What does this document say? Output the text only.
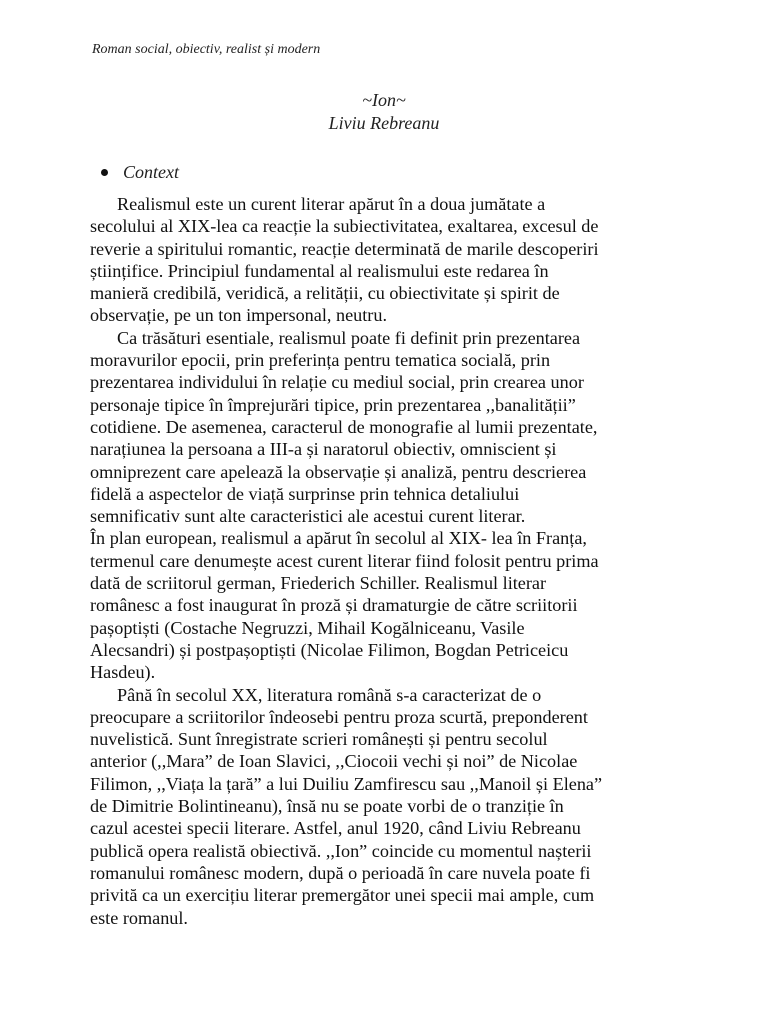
Roman social, obiectiv, realist și modern
~Ion~
Liviu Rebreanu
Context
Realismul este un curent literar apărut în a doua jumătate a
secolului al XIX-lea ca reacție la subiectivitatea, exaltarea, excesul de
reverie a spiritului romantic, reacție determinată de marile descoperiri
științifice. Principiul fundamental al realismului este redarea în
manieră credibilă, veridică, a relității, cu obiectivitate și spirit de
observație, pe un ton impersonal, neutru.
Ca trăsături esentiale, realismul poate fi definit prin prezentarea
moravurilor epocii, prin preferința pentru tematica socială, prin
prezentarea individului în relație cu mediul social, prin crearea unor
personaje tipice în împrejurări tipice, prin prezentarea ,,banalității”
cotidiene. De asemenea, caracterul de monografie al lumii prezentate,
narațiunea la persoana a III-a și naratorul obiectiv, omniscient și
omniprezent care apelează la observație și analiză, pentru descrierea
fidelă a aspectelor de viață surprinse prin tehnica detaliului
semnificativ sunt alte caracteristici ale acestui curent literar.
În plan european, realismul a apărut în secolul al XIX- lea în Franța,
termenul care denumește acest curent literar fiind folosit pentru prima
dată de scriitorul german, Friederich Schiller. Realismul literar
românesc a fost inaugurat în proză și dramaturgie de către scriitorii
pașoptiști (Costache Negruzzi, Mihail Kogălniceanu, Vasile
Alecsandri) și postpașoptiști (Nicolae Filimon, Bogdan Petriceicu
Hasdeu).
Până în secolul XX, literatura română s-a caracterizat de o
preocupare a scriitorilor îndeosebi pentru proza scurtă, preponderent
nuvelistică. Sunt înregistrate scrieri românești și pentru secolul
anterior (,,Mara” de Ioan Slavici, ,,Ciocoii vechi și noi” de Nicolae
Filimon, ,,Viața la țară” a lui Duiliu Zamfirescu sau ,,Manoil și Elena”
de Dimitrie Bolintineanu), însă nu se poate vorbi de o tranziție în
cazul acestei specii literare. Astfel, anul 1920, când Liviu Rebreanu
publică opera realistă obiectivă. ,,Ion” coincide cu momentul nașterii
romanului românesc modern, după o perioadă în care nuvela poate fi
privită ca un exercițiu literar premergător unei specii mai ample, cum
este romanul.
